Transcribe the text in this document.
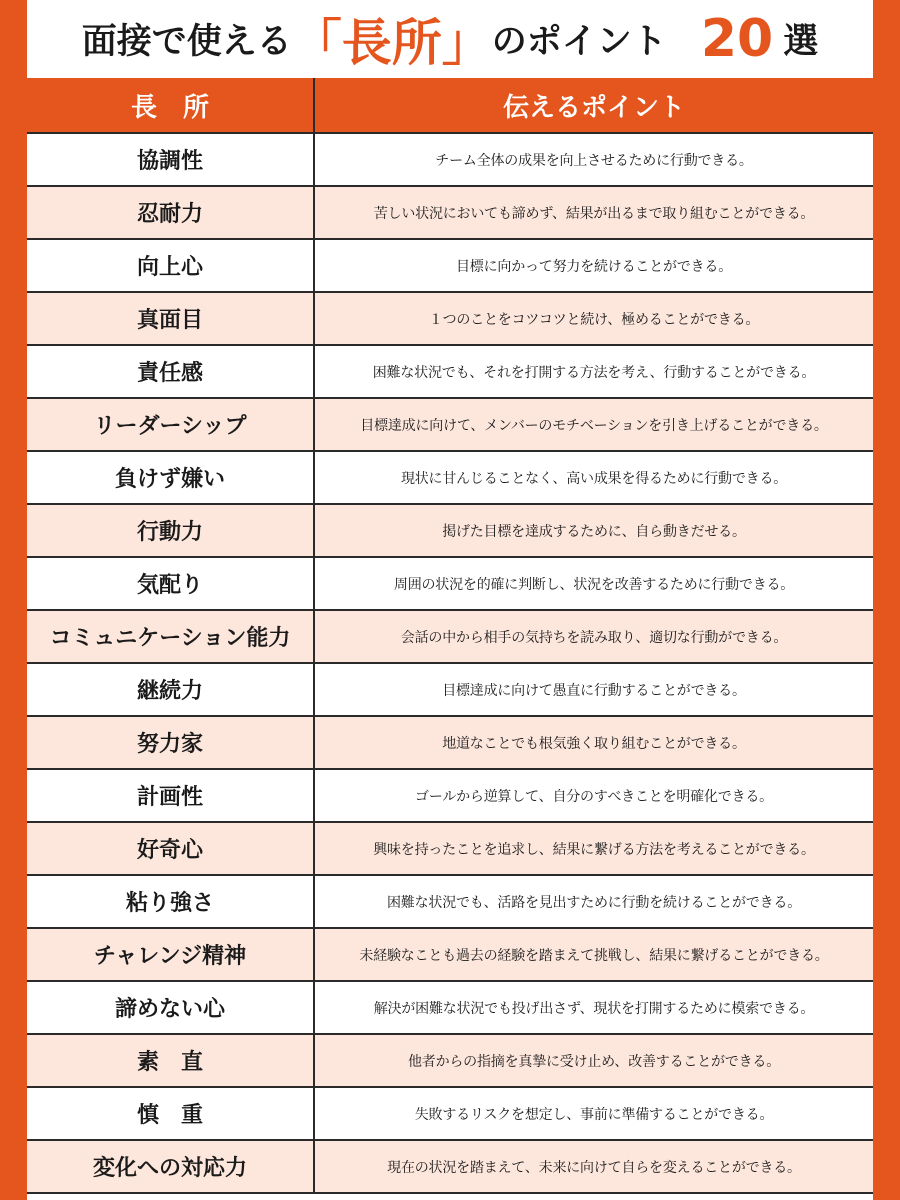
面接で使える 「長所」 のポイント 20 選
長　所	伝えるポイント
協調性	チーム全体の成果を向上させるために行動できる。
忍耐力	苦しい状況においても諦めず、結果が出るまで取り組むことができる。
向上心	目標に向かって努力を続けることができる。
真面目	１つのことをコツコツと続け、極めることができる。
責任感	困難な状況でも、それを打開する方法を考え、行動することができる。
リーダーシップ	目標達成に向けて、メンバーのモチベーションを引き上げることができる。
負けず嫌い	現状に甘んじることなく、高い成果を得るために行動できる。
行動力	掲げた目標を達成するために、自ら動きだせる。
気配り	周囲の状況を的確に判断し、状況を改善するために行動できる。
コミュニケーション能力	会話の中から相手の気持ちを読み取り、適切な行動ができる。
継続力	目標達成に向けて愚直に行動することができる。
努力家	地道なことでも根気強く取り組むことができる。
計画性	ゴールから逆算して、自分のすべきことを明確化できる。
好奇心	興味を持ったことを追求し、結果に繋げる方法を考えることができる。
粘り強さ	困難な状況でも、活路を見出すために行動を続けることができる。
チャレンジ精神	未経験なことも過去の経験を踏まえて挑戦し、結果に繋げることができる。
諦めない心	解決が困難な状況でも投げ出さず、現状を打開するために模索できる。
素　直	他者からの指摘を真摯に受け止め、改善することができる。
慎　重	失敗するリスクを想定し、事前に準備することができる。
変化への対応力	現在の状況を踏まえて、未来に向けて自らを変えることができる。
